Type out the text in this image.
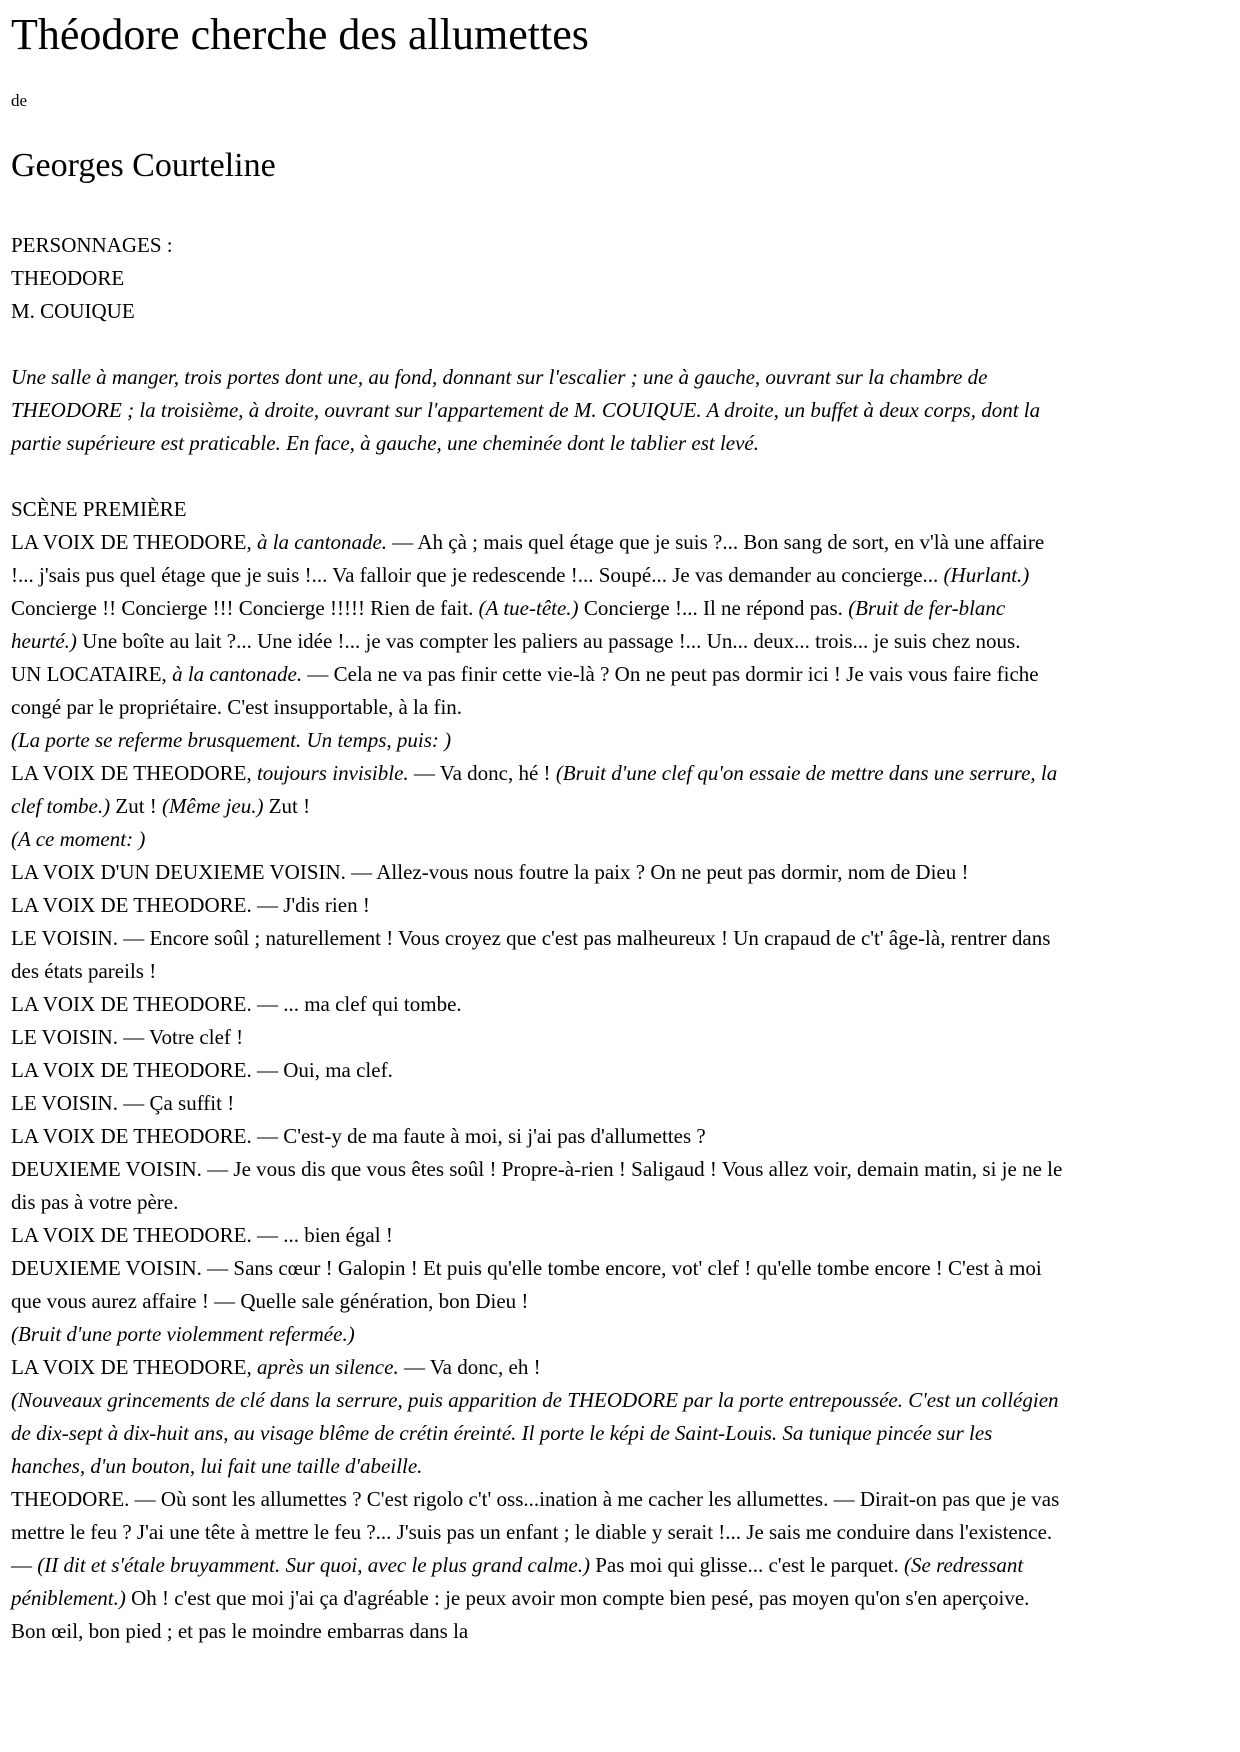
Théodore cherche des allumettes

de

Georges Courteline

PERSONNAGES :

THEODORE

M. COUIQUE

Une salle à manger, trois portes dont une, au fond, donnant sur l'escalier ; une à gauche, ouvrant sur la chambre de THEODORE ; la troisième, à droite, ouvrant sur l'appartement de M. COUIQUE. A droite, un buffet à deux corps, dont la partie supérieure est praticable. En face, à gauche, une cheminée dont le tablier est levé.

SCÈNE PREMIÈRE

LA VOIX DE THEODORE, à la cantonade. — Ah çà ; mais quel étage que je suis ?... Bon sang de sort, en v'là une affaire !... j'sais pus quel étage que je suis !... Va falloir que je redescende !... Soupé... Je vas demander au concierge... (Hurlant.) Concierge !! Concierge !!! Concierge !!!!! Rien de fait. (A tue-tête.) Concierge !... Il ne répond pas. (Bruit de fer-blanc heurté.) Une boîte au lait ?... Une idée !... je vas compter les paliers au passage !... Un... deux... trois... je suis chez nous.

UN LOCATAIRE, à la cantonade. — Cela ne va pas finir cette vie-là ? On ne peut pas dormir ici ! Je vais vous faire fiche congé par le propriétaire. C'est insupportable, à la fin.

(La porte se referme brusquement. Un temps, puis: )

LA VOIX DE THEODORE, toujours invisible. — Va donc, hé ! (Bruit d'une clef qu'on essaie de mettre dans une serrure, la clef tombe.) Zut ! (Même jeu.) Zut !

(A ce moment: )

LA VOIX D'UN DEUXIEME VOISIN. — Allez-vous nous foutre la paix ? On ne peut pas dormir, nom de Dieu !

LA VOIX DE THEODORE. — J'dis rien !

LE VOISIN. — Encore soûl ; naturellement ! Vous croyez que c'est pas malheureux ! Un crapaud de c't' âge-là, rentrer dans des états pareils !

LA VOIX DE THEODORE. — ... ma clef qui tombe.

LE VOISIN. — Votre clef !

LA VOIX DE THEODORE. — Oui, ma clef.

LE VOISIN. — Ça suffit !

LA VOIX DE THEODORE. — C'est-y de ma faute à moi, si j'ai pas d'allumettes ?

DEUXIEME VOISIN. — Je vous dis que vous êtes soûl ! Propre-à-rien ! Saligaud ! Vous allez voir, demain matin, si je ne le dis pas à votre père.

LA VOIX DE THEODORE. — ... bien égal !

DEUXIEME VOISIN. — Sans cœur ! Galopin ! Et puis qu'elle tombe encore, vot' clef ! qu'elle tombe encore ! C'est à moi que vous aurez affaire ! — Quelle sale génération, bon Dieu !

(Bruit d'une porte violemment refermée.)

LA VOIX DE THEODORE, après un silence. — Va donc, eh !

(Nouveaux grincements de clé dans la serrure, puis apparition de THEODORE par la porte entrepoussée. C'est un collégien de dix-sept à dix-huit ans, au visage blême de crétin éreinté. Il porte le képi de Saint-Louis. Sa tunique pincée sur les hanches, d'un bouton, lui fait une taille d'abeille.

THEODORE. — Où sont les allumettes ? C'est rigolo c't' oss...ination à me cacher les allumettes. — Dirait-on pas que je vas mettre le feu ? J'ai une tête à mettre le feu ?... J'suis pas un enfant ; le diable y serait !... Je sais me conduire dans l'existence. — (II dit et s'étale bruyamment. Sur quoi, avec le plus grand calme.) Pas moi qui glisse... c'est le parquet. (Se redressant péniblement.) Oh ! c'est que moi j'ai ça d'agréable : je peux avoir mon compte bien pesé, pas moyen qu'on s'en aperçoive. Bon œil, bon pied ; et pas le moindre embarras dans la
